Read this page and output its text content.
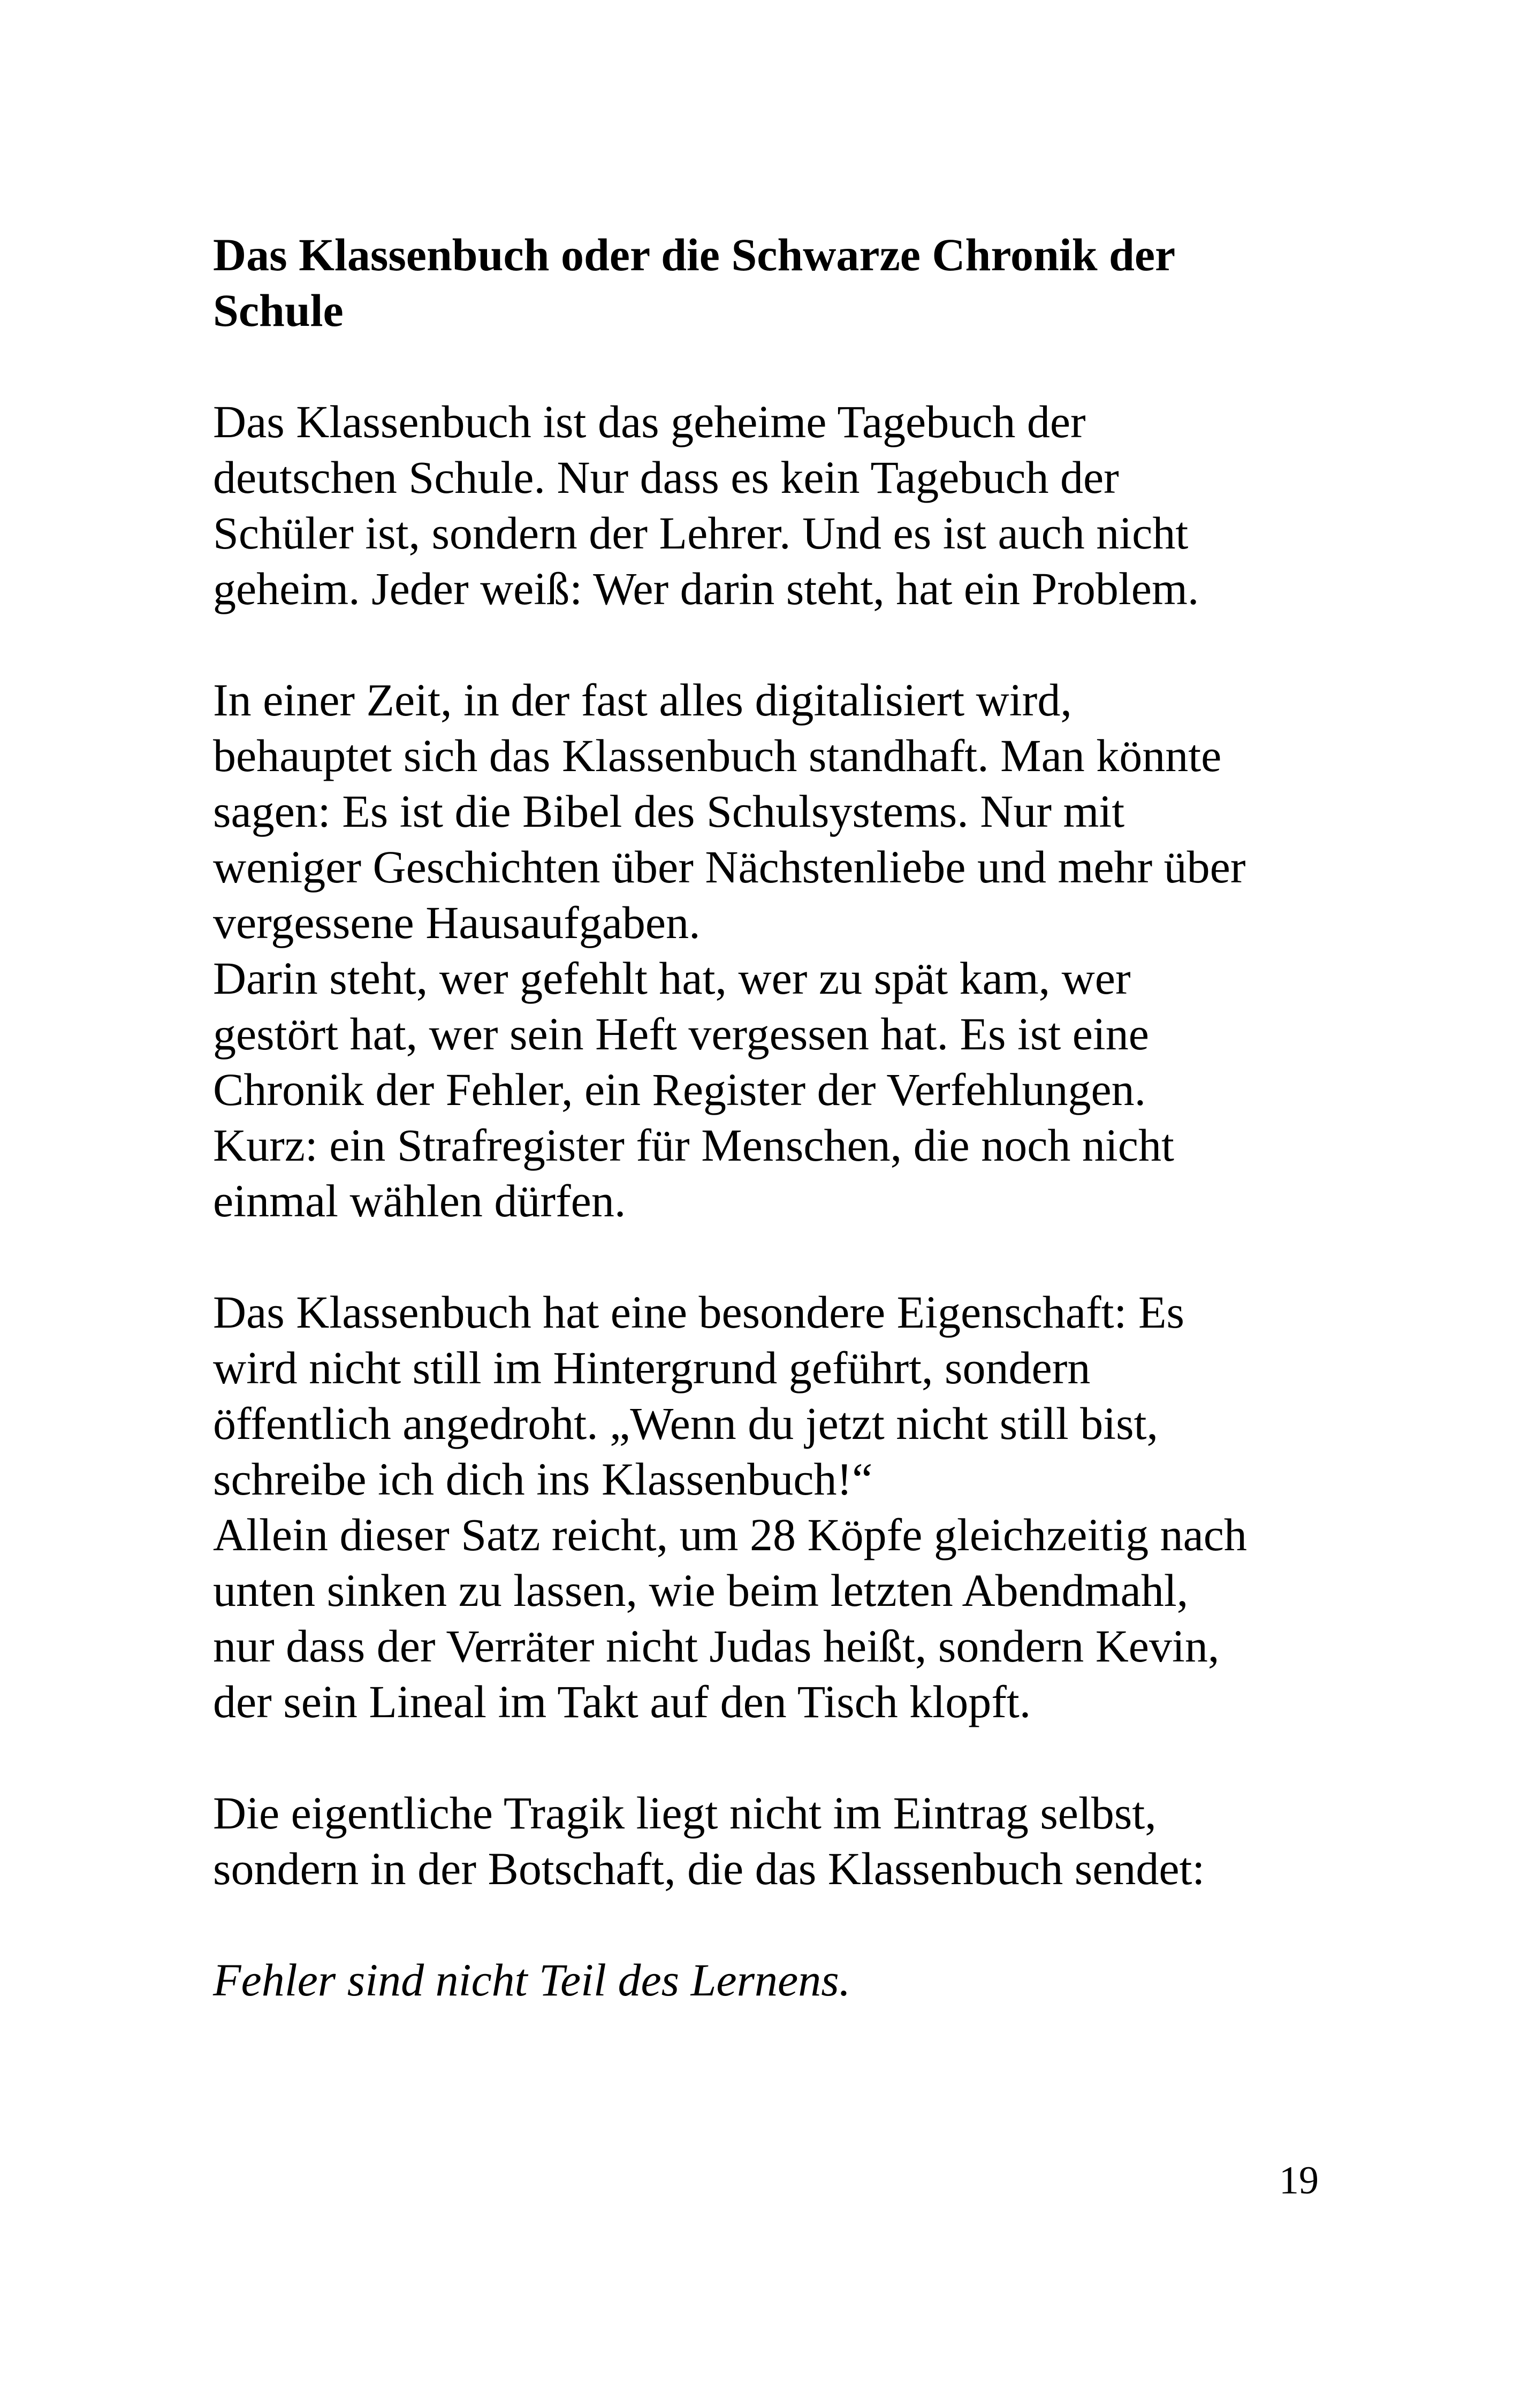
Das Klassenbuch oder die Schwarze Chronik der
Schule
Das Klassenbuch ist das geheime Tagebuch der
deutschen Schule. Nur dass es kein Tagebuch der
Schüler ist, sondern der Lehrer. Und es ist auch nicht
geheim. Jeder weiß: Wer darin steht, hat ein Problem.
In einer Zeit, in der fast alles digitalisiert wird,
behauptet sich das Klassenbuch standhaft. Man könnte
sagen: Es ist die Bibel des Schulsystems. Nur mit
weniger Geschichten über Nächstenliebe und mehr über
vergessene Hausaufgaben.
Darin steht, wer gefehlt hat, wer zu spät kam, wer
gestört hat, wer sein Heft vergessen hat. Es ist eine
Chronik der Fehler, ein Register der Verfehlungen.
Kurz: ein Strafregister für Menschen, die noch nicht
einmal wählen dürfen.
Das Klassenbuch hat eine besondere Eigenschaft: Es
wird nicht still im Hintergrund geführt, sondern
öffentlich angedroht. „Wenn du jetzt nicht still bist,
schreibe ich dich ins Klassenbuch!“
Allein dieser Satz reicht, um 28 Köpfe gleichzeitig nach
unten sinken zu lassen, wie beim letzten Abendmahl,
nur dass der Verräter nicht Judas heißt, sondern Kevin,
der sein Lineal im Takt auf den Tisch klopft.
Die eigentliche Tragik liegt nicht im Eintrag selbst,
sondern in der Botschaft, die das Klassenbuch sendet:
Fehler sind nicht Teil des Lernens.
19
